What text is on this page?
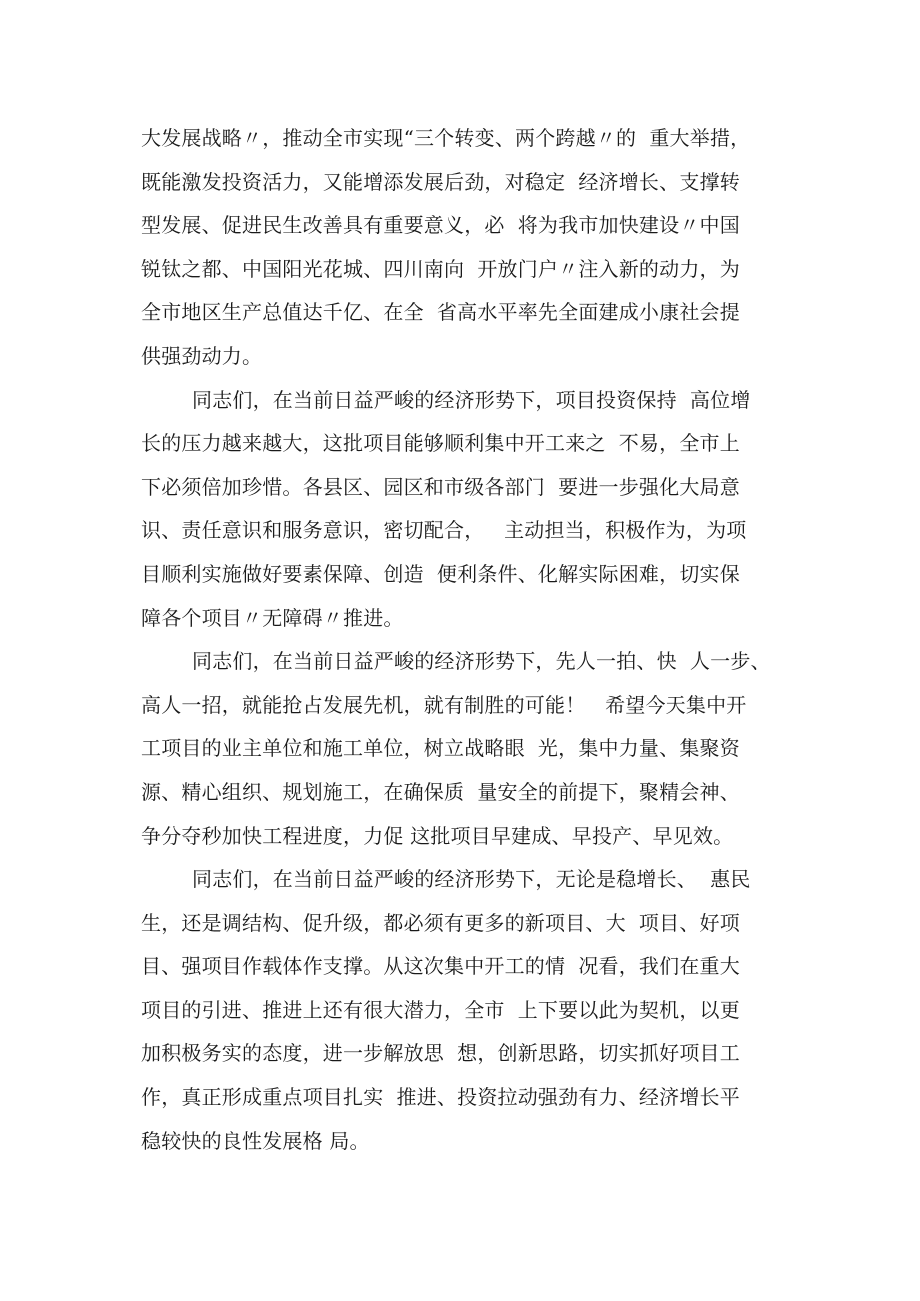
大发展战略〃，推动全市实现“三个转变、两个跨越〃的  重大举措，
既能激发投资活力，又能增添发展后劲，对稳定  经济增长、支撑转
型发展、促进民生改善具有重要意义，必  将为我市加快建设〃中国
锐钛之都、中国阳光花城、四川南向  开放门户〃注入新的动力，为
全市地区生产总值达千亿、在全  省高水平率先全面建成小康社会提
供强劲动力。

同志们，在当前日益严峻的经济形势下，项目投资保持  高位增
长的压力越来越大，这批项目能够顺利集中开工来之  不易，全市上
下必须倍加珍惜。各县区、园区和市级各部门  要进一步强化大局意
识、责任意识和服务意识，密切配合，   主动担当，积极作为，为项
目顺利实施做好要素保障、创造  便利条件、化解实际困难，切实保
障各个项目〃无障碍〃推进。

同志们，在当前日益严峻的经济形势下，先人一拍、快  人一步、
高人一招，就能抢占发展先机，就有制胜的可能！   希望今天集中开
工项目的业主单位和施工单位，树立战略眼  光，集中力量、集聚资
源、精心组织、规划施工，在确保质  量安全的前提下，聚精会神、
争分夺秒加快工程进度，力促 这批项目早建成、早投产、早见效。

同志们，在当前日益严峻的经济形势下，无论是稳增长、  惠民
生，还是调结构、促升级，都必须有更多的新项目、大  项目、好项
目、强项目作载体作支撑。从这次集中开工的情  况看，我们在重大
项目的引进、推进上还有很大潜力，全市  上下要以此为契机，以更
加积极务实的态度，进一步解放思  想，创新思路，切实抓好项目工
作，真正形成重点项目扎实  推进、投资拉动强劲有力、经济增长平
稳较快的良性发展格 局。
